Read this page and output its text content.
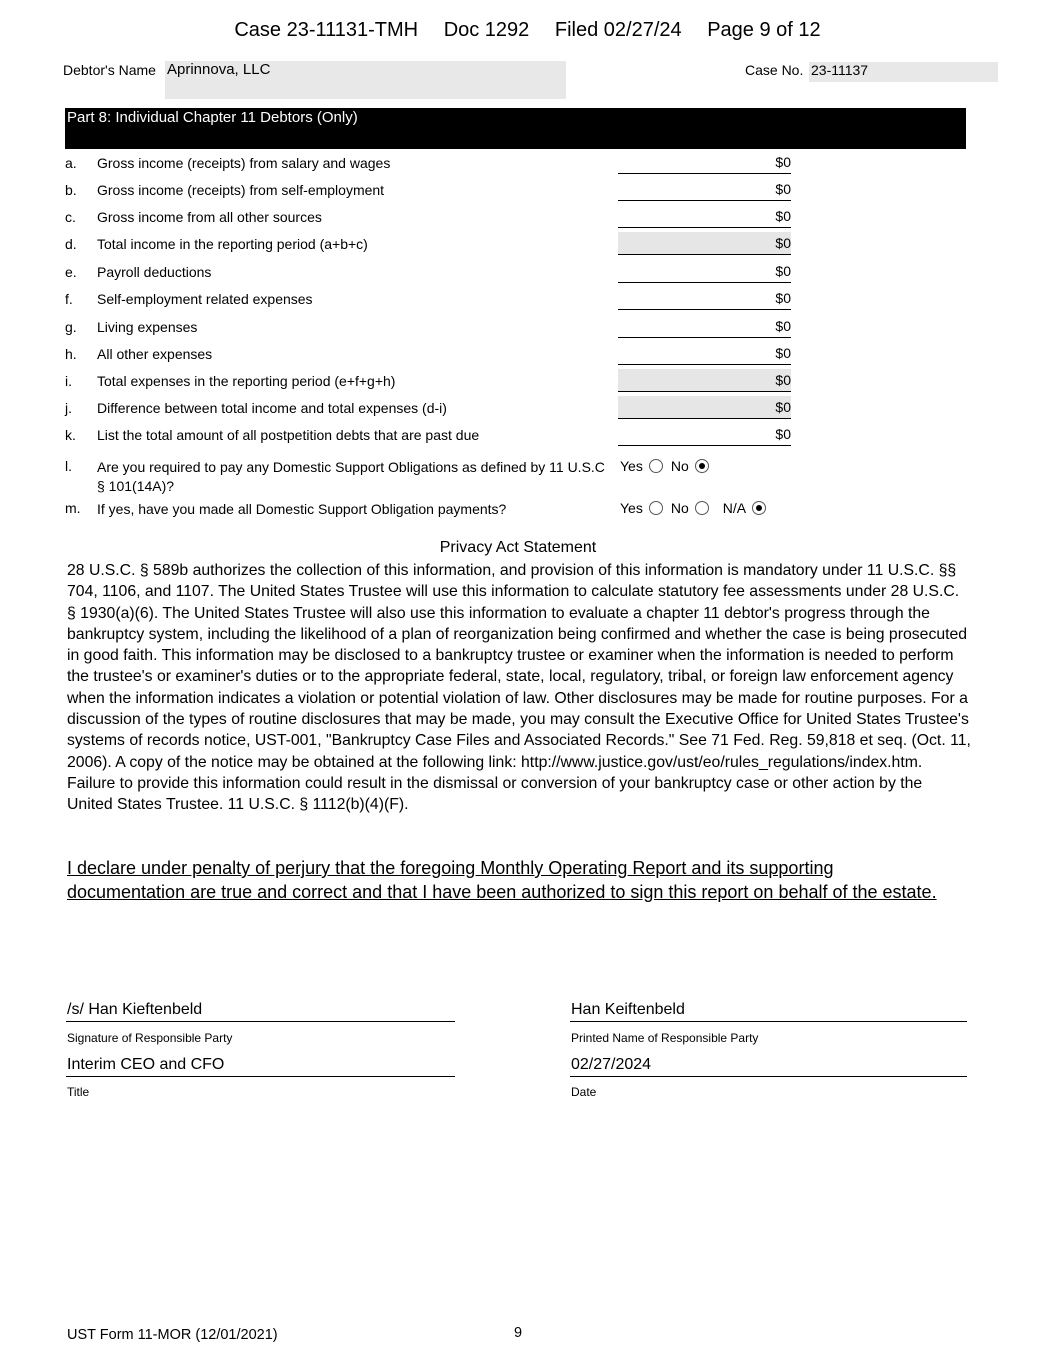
Case 23-11131-TMH Doc 1292 Filed 02/27/24 Page 9 of 12
Debtor's Name Aprinnova, LLC	Case No. 23-11137
Part 8: Individual Chapter 11 Debtors (Only)
a. Gross income (receipts) from salary and wages	$0
b. Gross income (receipts) from self-employment	$0
c. Gross income from all other sources	$0
d. Total income in the reporting period (a+b+c)	$0
e. Payroll deductions	$0
f. Self-employment related expenses	$0
g. Living expenses	$0
h. All other expenses	$0
i. Total expenses in the reporting period (e+f+g+h)	$0
j. Difference between total income and total expenses (d-i)	$0
k. List the total amount of all postpetition debts that are past due	$0
l. Are you required to pay any Domestic Support Obligations as defined by 11 U.S.C § 101(14A)?
Yes No
m. If yes, have you made all Domestic Support Obligation payments?	Yes No N/A
Privacy Act Statement
28 U.S.C. § 589b authorizes the collection of this information, and provision of this information is mandatory under 11 U.S.C. §§ 704, 1106, and 1107. The United States Trustee will use this information to calculate statutory fee assessments under 28 U.S.C. § 1930(a)(6). The United States Trustee will also use this information to evaluate a chapter 11 debtor's progress through the bankruptcy system, including the likelihood of a plan of reorganization being confirmed and whether the case is being prosecuted in good faith. This information may be disclosed to a bankruptcy trustee or examiner when the information is needed to perform the trustee's or examiner's duties or to the appropriate federal, state, local, regulatory, tribal, or foreign law enforcement agency when the information indicates a violation or potential violation of law. Other disclosures may be made for routine purposes. For a discussion of the types of routine disclosures that may be made, you may consult the Executive Office for United States Trustee's systems of records notice, UST-001, "Bankruptcy Case Files and Associated Records." See 71 Fed. Reg. 59,818 et seq. (Oct. 11, 2006). A copy of the notice may be obtained at the following link: http://www.justice.gov/ust/eo/rules_regulations/index.htm. Failure to provide this information could result in the dismissal or conversion of your bankruptcy case or other action by the United States Trustee. 11 U.S.C. § 1112(b)(4)(F).
I declare under penalty of perjury that the foregoing Monthly Operating Report and its supporting documentation are true and correct and that I have been authorized to sign this report on behalf of the estate.
/s/ Han Kieftenbeld
Signature of Responsible Party
Han Keiftenbeld
Printed Name of Responsible Party
Interim CEO and CFO
Title
02/27/2024
Date
UST Form 11-MOR (12/01/2021)	9
